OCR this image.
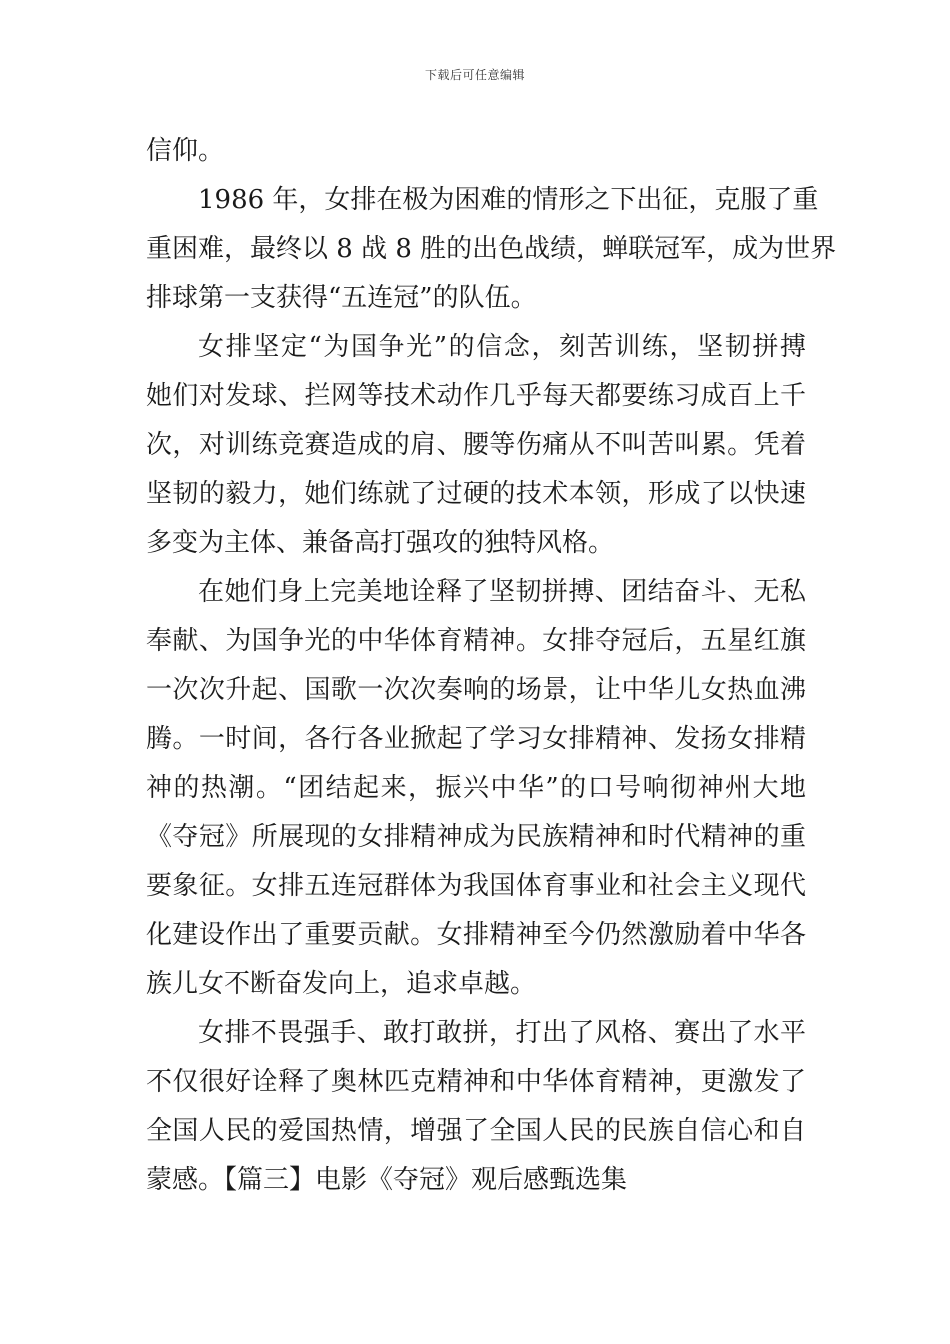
下载后可任意编辑
信仰。
1986 年，女排在极为困难的情形之下出征，克服了重
重困难，最终以 8 战 8 胜的出色战绩，蝉联冠军，成为世界
排球第一支获得“五连冠”的队伍。
女排坚定“为国争光”的信念，刻苦训练，坚韧拼搏
她们对发球、拦网等技术动作几乎每天都要练习成百上千
次，对训练竞赛造成的肩、腰等伤痛从不叫苦叫累。凭着
坚韧的毅力，她们练就了过硬的技术本领，形成了以快速
多变为主体、兼备高打强攻的独特风格。
在她们身上完美地诠释了坚韧拼搏、团结奋斗、无私
奉献、为国争光的中华体育精神。女排夺冠后，五星红旗
一次次升起、国歌一次次奏响的场景，让中华儿女热血沸
腾。一时间，各行各业掀起了学习女排精神、发扬女排精
神的热潮。“团结起来，振兴中华”的口号响彻神州大地
《夺冠》所展现的女排精神成为民族精神和时代精神的重
要象征。女排五连冠群体为我国体育事业和社会主义现代
化建设作出了重要贡献。女排精神至今仍然激励着中华各
族儿女不断奋发向上，追求卓越。
女排不畏强手、敢打敢拼，打出了风格、赛出了水平
不仅很好诠释了奥林匹克精神和中华体育精神，更激发了
全国人民的爱国热情，增强了全国人民的民族自信心和自
蒙感。【篇三】电影《夺冠》观后感甄选集
